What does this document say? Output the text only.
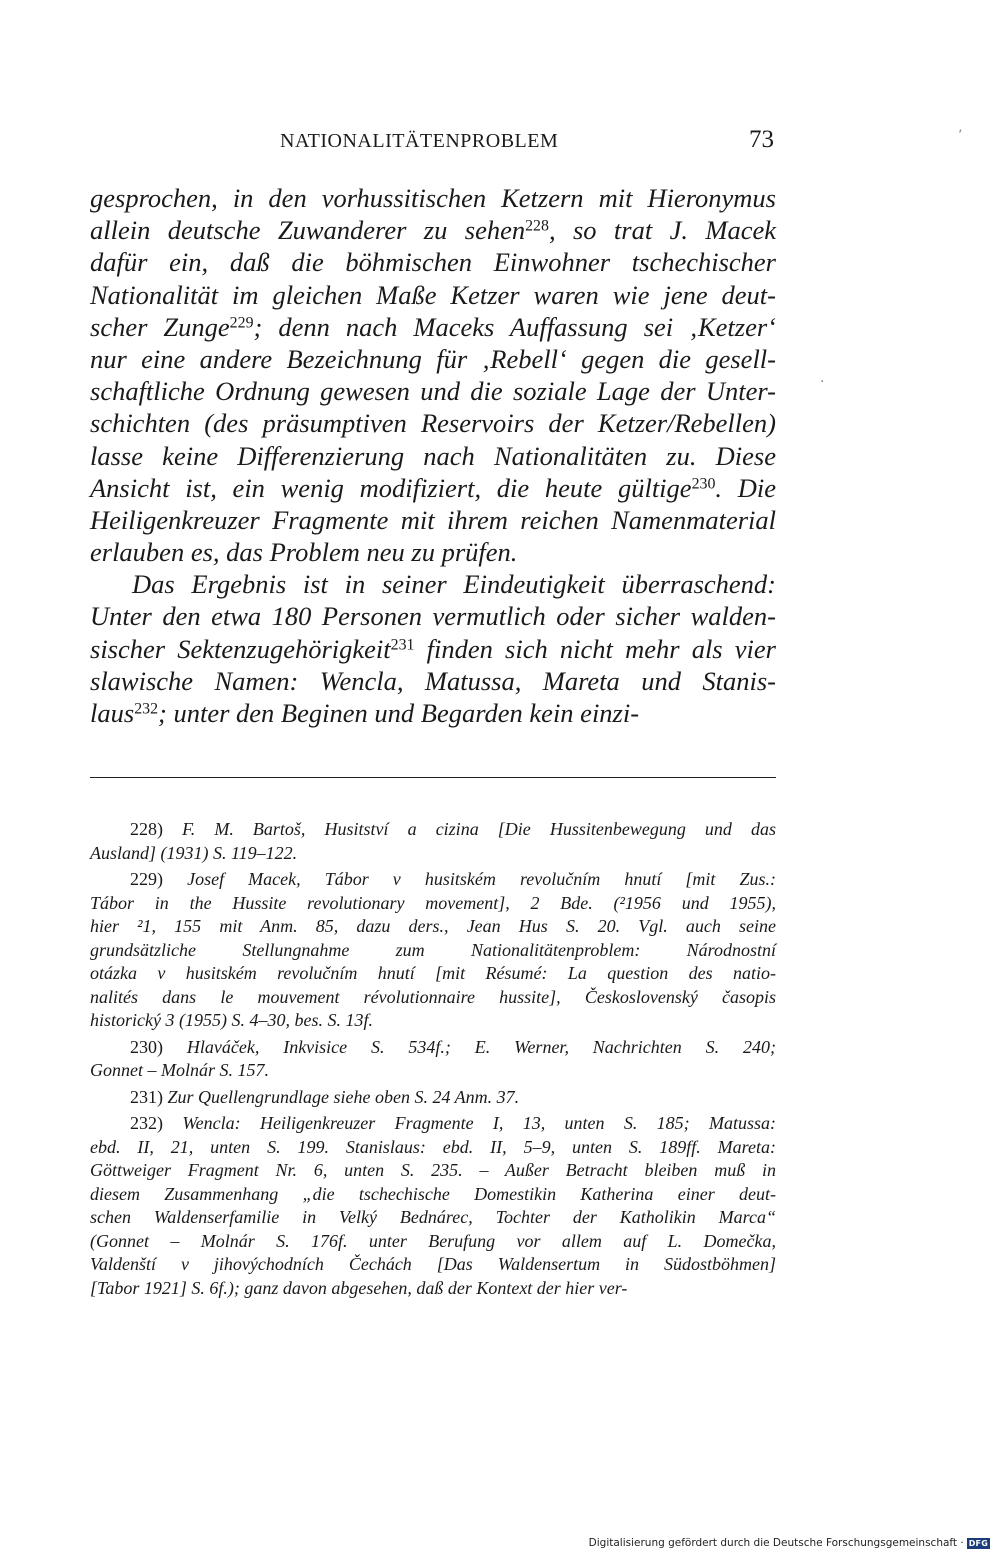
NATIONALITÄTENPROBLEM	73
gesprochen, in den vorhussitischen Ketzern mit Hieronymus
allein deutsche Zuwanderer zu sehen$^{228}$, so trat J. Macek
dafür ein, daß die böhmischen Einwohner tschechischer
Nationalität im gleichen Maße Ketzer waren wie jene deut-
scher Zunge$^{229}$; denn nach Maceks Auffassung sei ‚Ketzer‘
nur eine andere Bezeichnung für ‚Rebell‘ gegen die gesell-
schaftliche Ordnung gewesen und die soziale Lage der Unter-
schichten (des präsumptiven Reservoirs der Ketzer/Rebellen)
lasse keine Differenzierung nach Nationalitäten zu. Diese
Ansicht ist, ein wenig modifiziert, die heute gültige$^{230}$. Die
Heiligenkreuzer Fragmente mit ihrem reichen Namenmaterial
erlauben es, das Problem neu zu prüfen.
Das Ergebnis ist in seiner Eindeutigkeit überraschend:
Unter den etwa 180 Personen vermutlich oder sicher walden-
sischer Sektenzugehörigkeit$^{231}$ finden sich nicht mehr als vier
slawische Namen: Wencla, Matussa, Mareta und Stanis-
laus$^{232}$; unter den Beginen und Begarden kein einzi-
228) F. M. Bartoš, Husitství a cizina [Die Hussitenbewegung und das
Ausland] (1931) S. 119–122.
229) Josef Macek, Tábor v husitském revolučním hnutí [mit Zus.:
Tábor in the Hussite revolutionary movement], 2 Bde. (²1956 und 1955),
hier ²1, 155 mit Anm. 85, dazu ders., Jean Hus S. 20. Vgl. auch seine
grundsätzliche Stellungnahme zum Nationalitätenproblem: Národnostní
otázka v husitském revolučním hnutí [mit Résumé: La question des natio-
nalités dans le mouvement révolutionnaire hussite], Československý časopis
historický 3 (1955) S. 4–30, bes. S. 13f.
230) Hlaváček, Inkvisice S. 534f.; E. Werner, Nachrichten S. 240;
Gonnet – Molnár S. 157.
231) Zur Quellengrundlage siehe oben S. 24 Anm. 37.
232) Wencla: Heiligenkreuzer Fragmente I, 13, unten S. 185; Matussa:
ebd. II, 21, unten S. 199. Stanislaus: ebd. II, 5–9, unten S. 189ff. Mareta:
Göttweiger Fragment Nr. 6, unten S. 235. – Außer Betracht bleiben muß in
diesem Zusammenhang „die tschechische Domestikin Katherina einer deut-
schen Waldenserfamilie in Velký Bednárec, Tochter der Katholikin Marca“
(Gonnet – Molnár S. 176f. unter Berufung vor allem auf L. Domečka,
Valdenští v jihovýchodních Čechách [Das Waldensertum in Südostböhmen]
[Tabor 1921] S. 6f.); ganz davon abgesehen, daß der Kontext der hier ver-
’
.
Digitalisierung gefördert durch die Deutsche Forschungsgemeinschaft · DFG
